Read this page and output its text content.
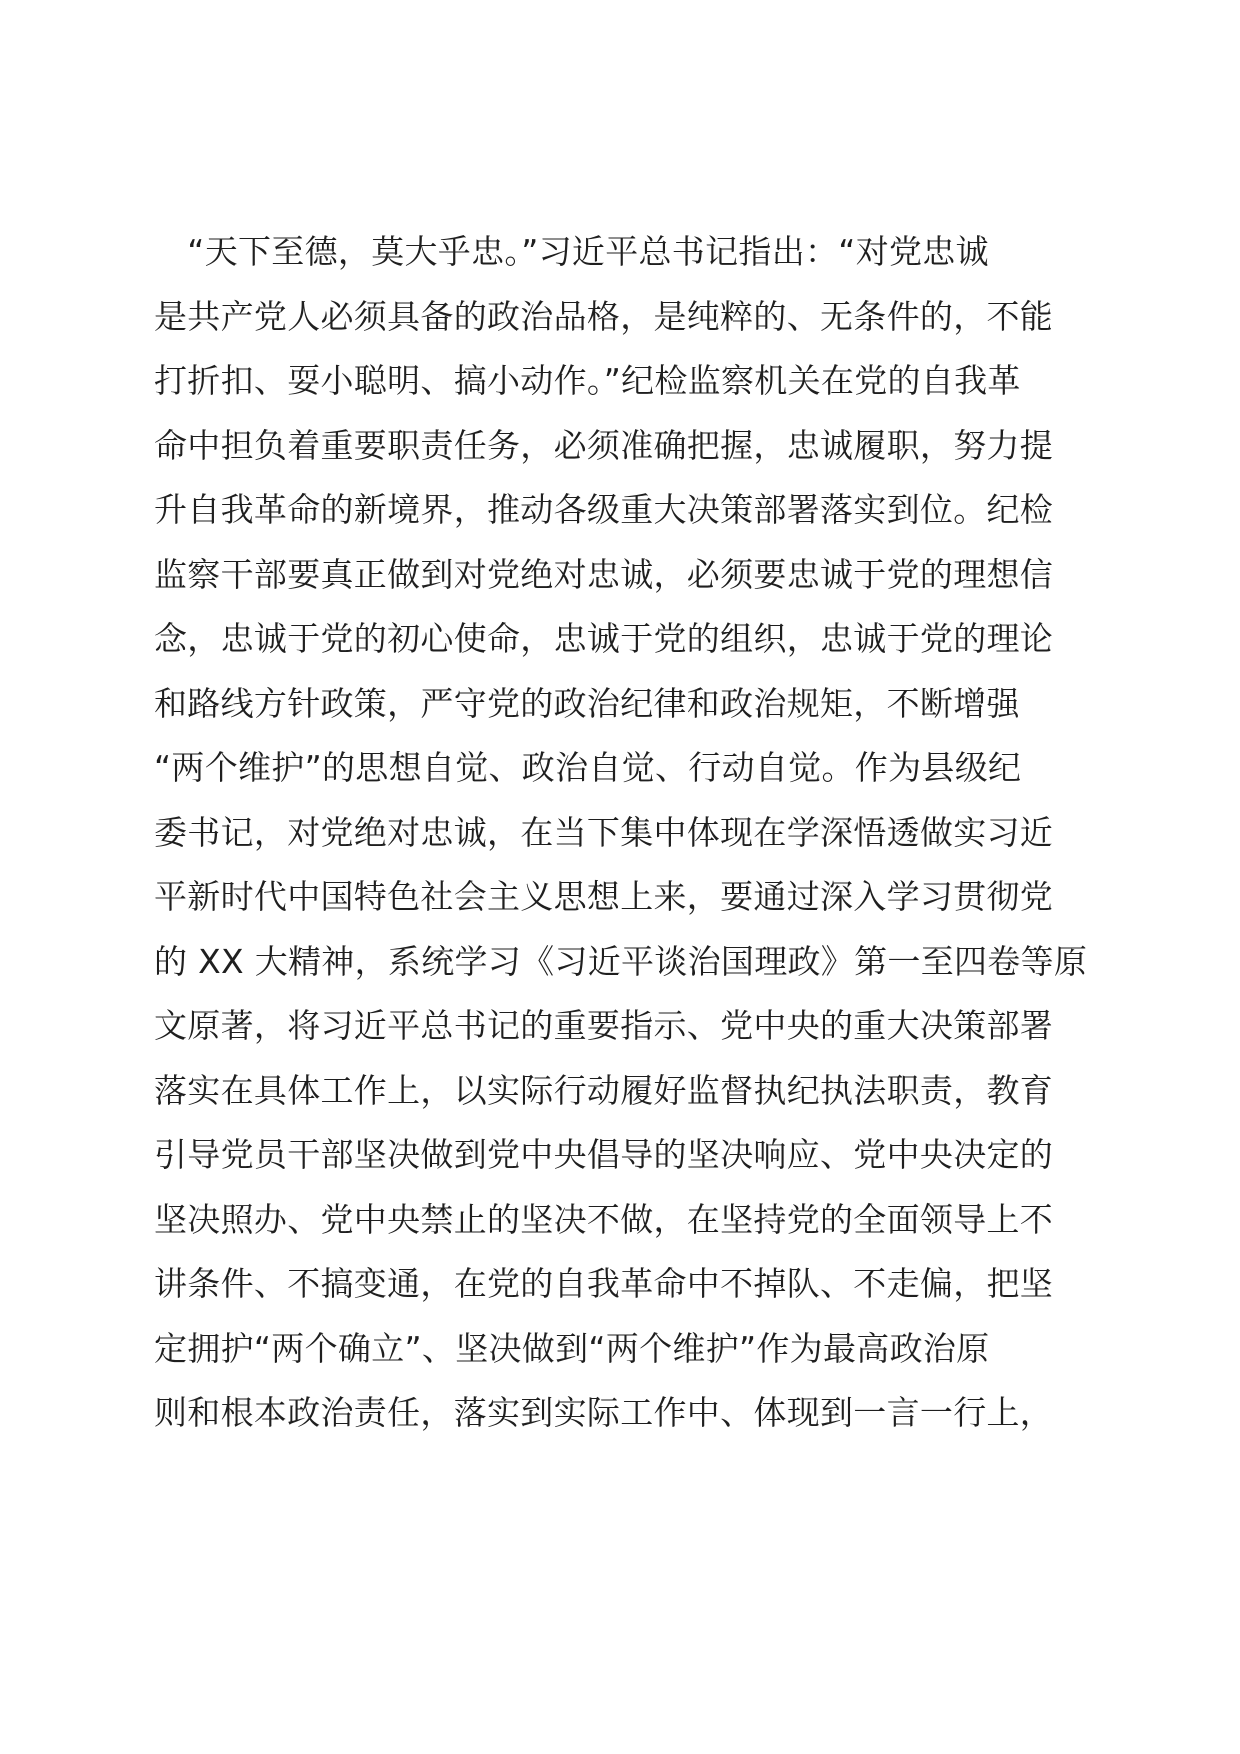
　“天下至德，莫大乎忠。”习近平总书记指出：“对党忠诚
是共产党人必须具备的政治品格，是纯粹的、无条件的，不能
打折扣、耍小聪明、搞小动作。”纪检监察机关在党的自我革
命中担负着重要职责任务，必须准确把握，忠诚履职，努力提
升自我革命的新境界，推动各级重大决策部署落实到位。纪检
监察干部要真正做到对党绝对忠诚，必须要忠诚于党的理想信
念，忠诚于党的初心使命，忠诚于党的组织，忠诚于党的理论
和路线方针政策，严守党的政治纪律和政治规矩，不断增强
“两个维护”的思想自觉、政治自觉、行动自觉。作为县级纪
委书记，对党绝对忠诚，在当下集中体现在学深悟透做实习近
平新时代中国特色社会主义思想上来，要通过深入学习贯彻党
的 XX 大精神，系统学习《习近平谈治国理政》第一至四卷等原
文原著，将习近平总书记的重要指示、党中央的重大决策部署
落实在具体工作上，以实际行动履好监督执纪执法职责，教育
引导党员干部坚决做到党中央倡导的坚决响应、党中央决定的
坚决照办、党中央禁止的坚决不做，在坚持党的全面领导上不
讲条件、不搞变通，在党的自我革命中不掉队、不走偏，把坚
定拥护“两个确立”、坚决做到“两个维护”作为最高政治原
则和根本政治责任，落实到实际工作中、体现到一言一行上，
